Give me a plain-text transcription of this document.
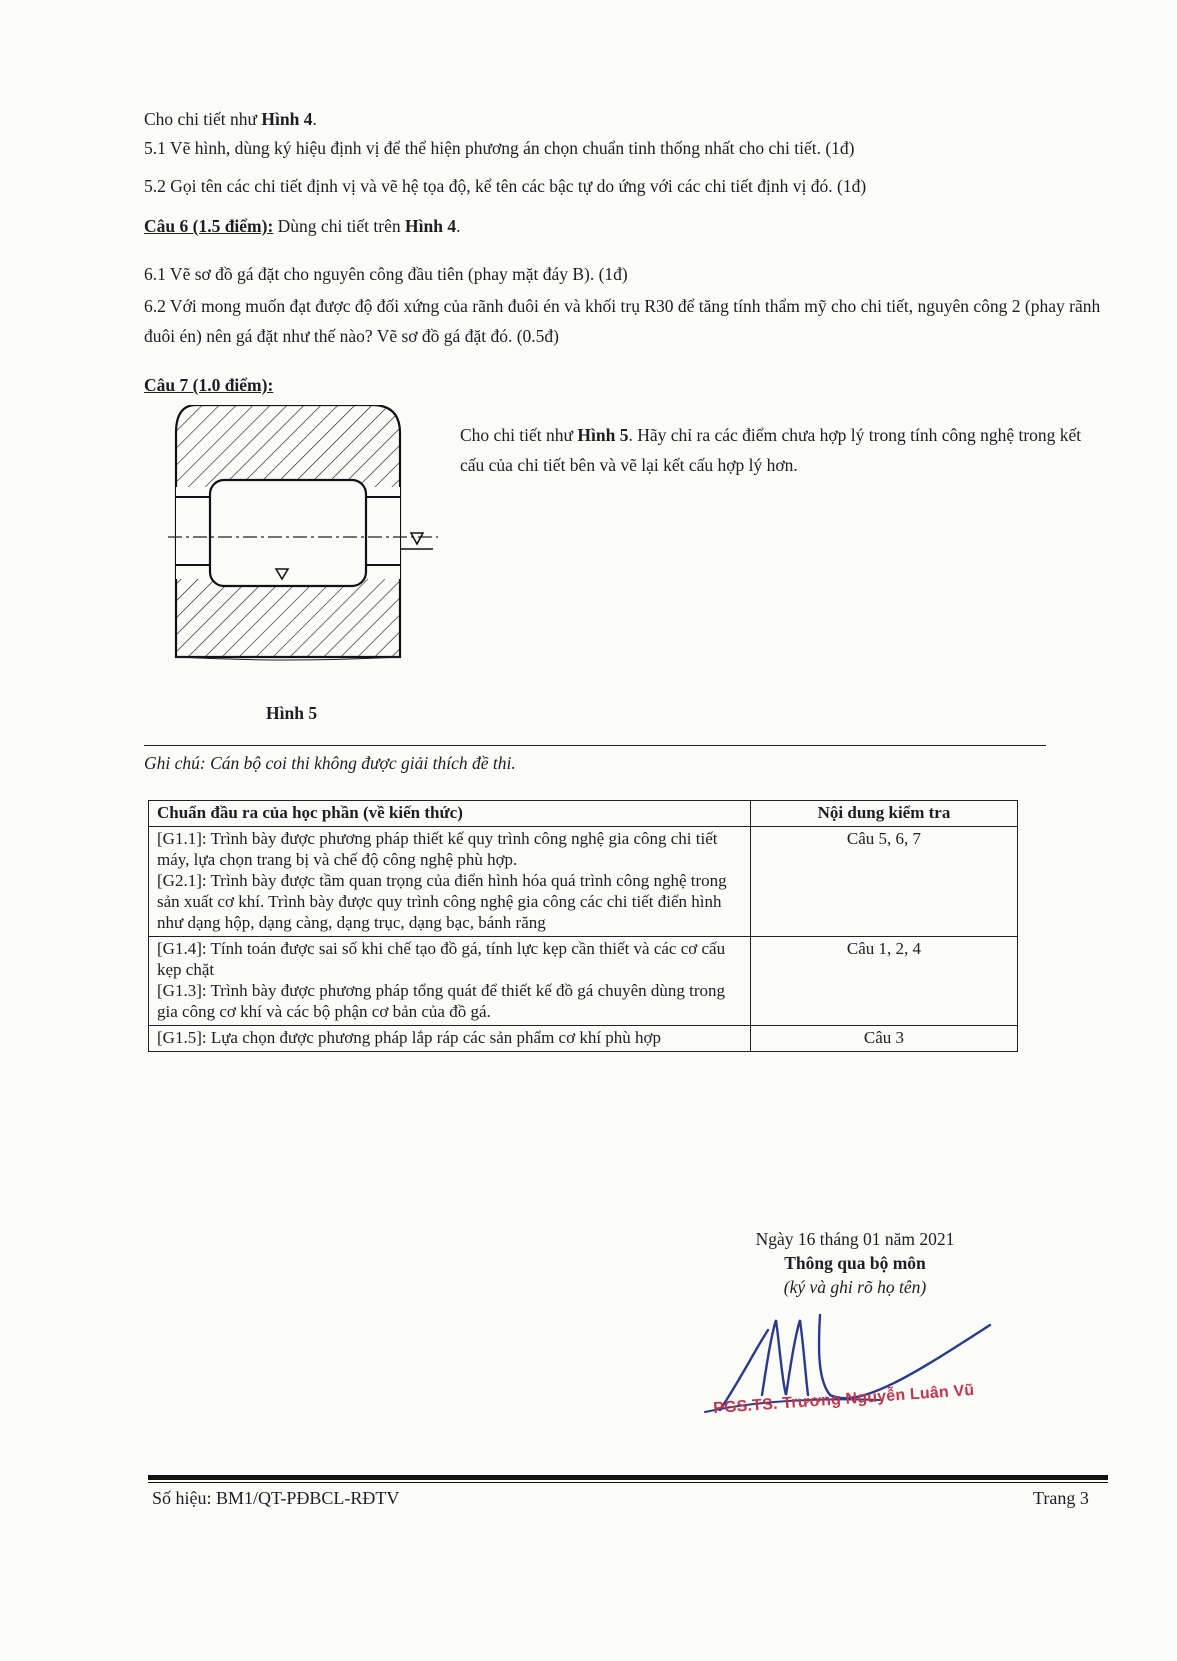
Cho chi tiết như Hình 4.
5.1 Vẽ hình, dùng ký hiệu định vị để thể hiện phương án chọn chuẩn tinh thống nhất cho chi tiết. (1đ)
5.2 Gọi tên các chi tiết định vị và vẽ hệ tọa độ, kể tên các bậc tự do ứng với các chi tiết định vị đó. (1đ)
Câu 6 (1.5 điểm): Dùng chi tiết trên Hình 4.
6.1 Vẽ sơ đồ gá đặt cho nguyên công đầu tiên (phay mặt đáy B). (1đ)
6.2 Với mong muốn đạt được độ đối xứng của rãnh đuôi én và khối trụ R30 để tăng tính thẩm mỹ cho chi tiết, nguyên công 2 (phay rãnh đuôi én) nên gá đặt như thế nào? Vẽ sơ đồ gá đặt đó. (0.5đ)
Câu 7 (1.0 điểm):
Cho chi tiết như Hình 5. Hãy chỉ ra các điểm chưa hợp lý trong tính công nghệ trong kết cấu của chi tiết bên và vẽ lại kết cấu hợp lý hơn.
Hình 5
Ghi chú: Cán bộ coi thi không được giải thích đề thi.
Chuẩn đầu ra của học phần (về kiến thức)	Nội dung kiểm tra

[G1.1]: Trình bày được phương pháp thiết kế quy trình công nghệ gia công chi tiết máy, lựa chọn trang bị và chế độ công nghệ phù hợp.
[G2.1]: Trình bày được tầm quan trọng của điển hình hóa quá trình công nghệ trong sản xuất cơ khí. Trình bày được quy trình công nghệ gia công các chi tiết điển hình như dạng hộp, dạng càng, dạng trục, dạng bạc, bánh răng	Câu 5, 6, 7

[G1.4]: Tính toán được sai số khi chế tạo đồ gá, tính lực kẹp cần thiết và các cơ cấu kẹp chặt
[G1.3]: Trình bày được phương pháp tổng quát để thiết kế đồ gá chuyên dùng trong gia công cơ khí và các bộ phận cơ bản của đồ gá.	Câu 1, 2, 4

[G1.5]: Lựa chọn được phương pháp lắp ráp các sản phẩm cơ khí phù hợp	Câu 3
Ngày 16 tháng 01 năm 2021
Thông qua bộ môn
(ký và ghi rõ họ tên)
PGS.TS. Trương Nguyễn Luân Vũ
Số hiệu: BM1/QT-PĐBCL-RĐTV	Trang 3
